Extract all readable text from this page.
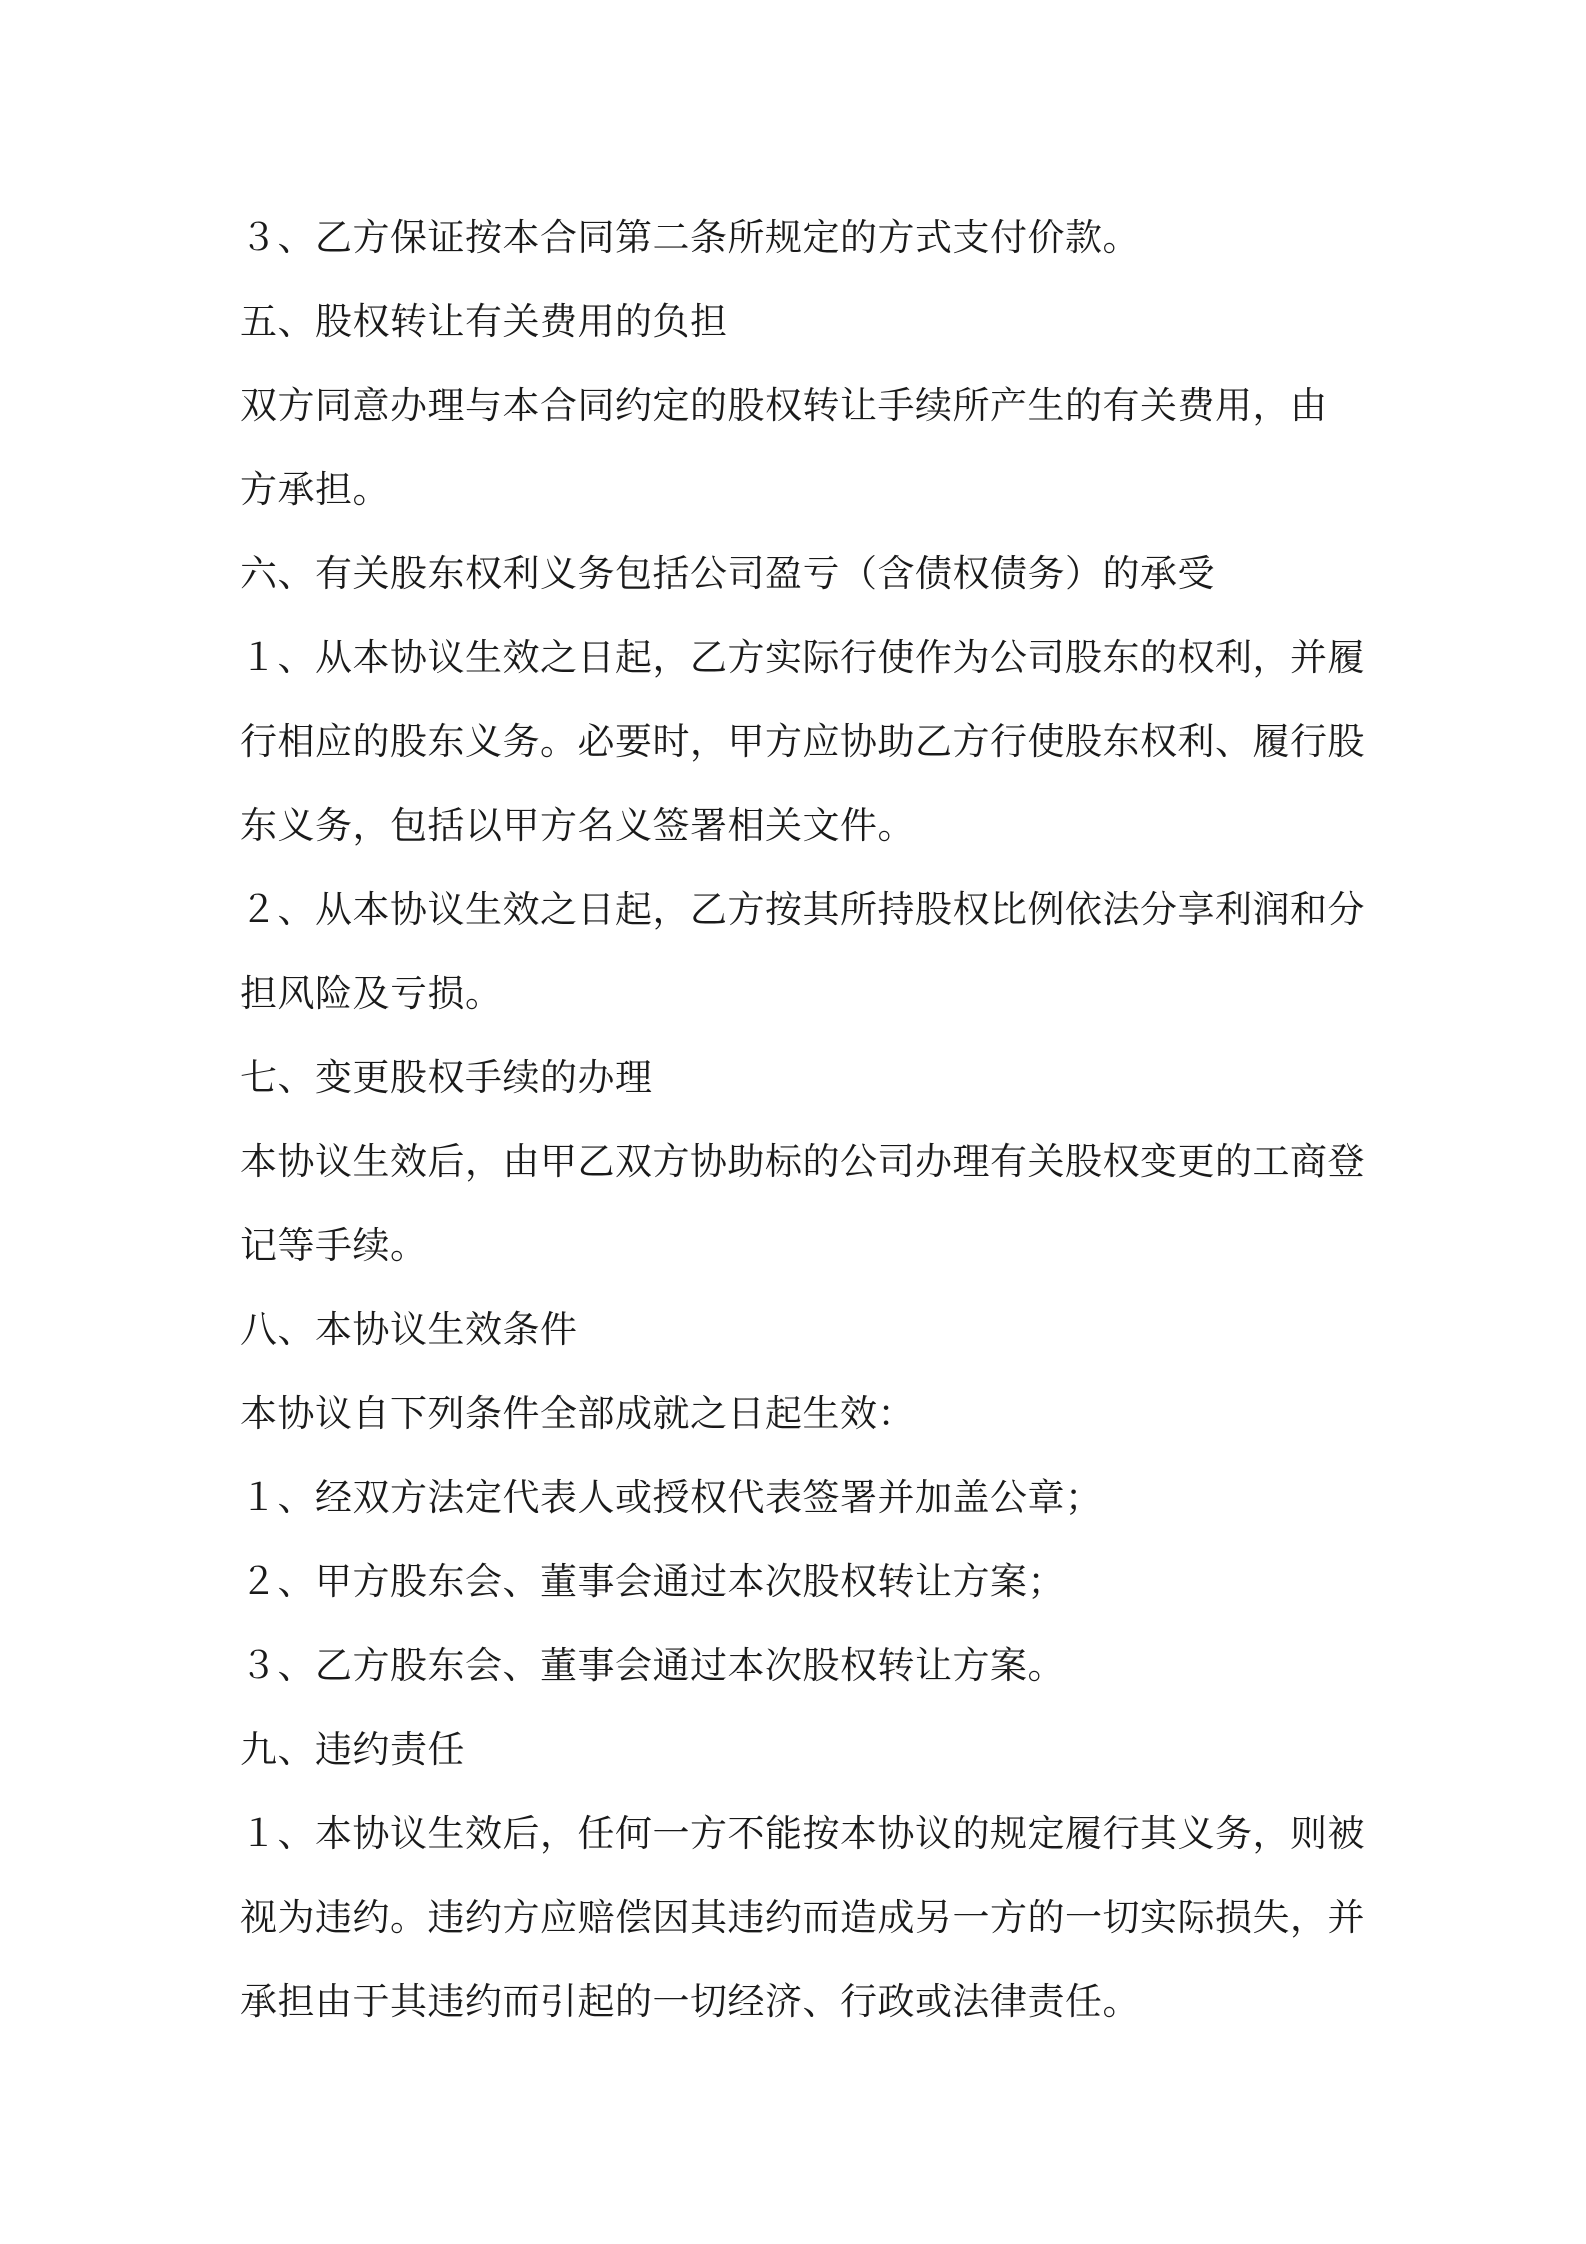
３、乙方保证按本合同第二条所规定的方式支付价款。
五、股权转让有关费用的负担
双方同意办理与本合同约定的股权转让手续所产生的有关费用，由
方承担。
六、有关股东权利义务包括公司盈亏（含债权债务）的承受
１、从本协议生效之日起，乙方实际行使作为公司股东的权利，并履
行相应的股东义务。必要时，甲方应协助乙方行使股东权利、履行股
东义务，包括以甲方名义签署相关文件。
２、从本协议生效之日起，乙方按其所持股权比例依法分享利润和分
担风险及亏损。
七、变更股权手续的办理
本协议生效后，由甲乙双方协助标的公司办理有关股权变更的工商登
记等手续。
八、本协议生效条件
本协议自下列条件全部成就之日起生效：
１、经双方法定代表人或授权代表签署并加盖公章；
２、甲方股东会、董事会通过本次股权转让方案；
３、乙方股东会、董事会通过本次股权转让方案。
九、违约责任
１、本协议生效后，任何一方不能按本协议的规定履行其义务，则被
视为违约。违约方应赔偿因其违约而造成另一方的一切实际损失，并
承担由于其违约而引起的一切经济、行政或法律责任。
